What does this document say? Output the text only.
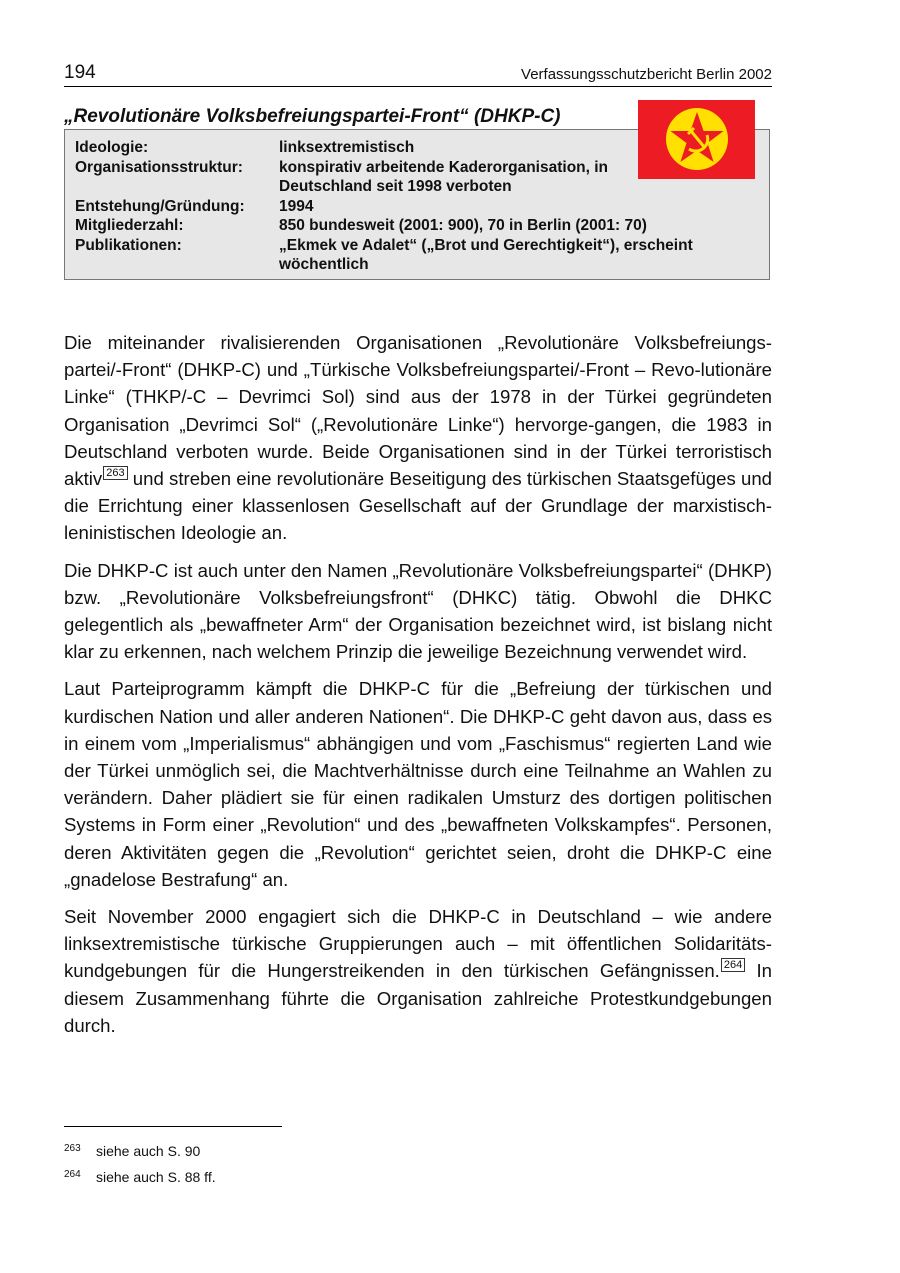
194	Verfassungsschutzbericht Berlin 2002
„Revolutionäre Volksbefreiungspartei-Front“ (DHKP-C)
Ideologie:	linksextremistisch
Organisationsstruktur:	konspirativ arbeitende Kaderorganisation, in Deutschland seit 1998 verboten
Entstehung/Gründung:	1994
Mitgliederzahl:	850 bundesweit (2001: 900), 70 in Berlin (2001: 70)
Publikationen:	„Ekmek ve Adalet“ („Brot und Gerechtigkeit“), erscheint wöchentlich

Die miteinander rivalisierenden Organisationen „Revolutionäre Volksbefreiungs-partei/-Front“ (DHKP-C) und „Türkische Volksbefreiungspartei/-Front – Revo-lutionäre Linke“ (THKP/-C – Devrimci Sol) sind aus der 1978 in der Türkei gegründeten Organisation „Devrimci Sol“ („Revolutionäre Linke“) hervorge-gangen, die 1983 in Deutschland verboten wurde. Beide Organisationen sind in der Türkei terroristisch aktiv 263 und streben eine revolutionäre Beseitigung des türkischen Staatsgefüges und die Errichtung einer klassenlosen Gesellschaft auf der Grundlage der marxistisch-leninistischen Ideologie an.

Die DHKP-C ist auch unter den Namen „Revolutionäre Volksbefreiungspartei“ (DHKP) bzw. „Revolutionäre Volksbefreiungsfront“ (DHKC) tätig. Obwohl die DHKC gelegentlich als „bewaffneter Arm“ der Organisation bezeichnet wird, ist bislang nicht klar zu erkennen, nach welchem Prinzip die jeweilige Bezeichnung verwendet wird.

Laut Parteiprogramm kämpft die DHKP-C für die „Befreiung der türkischen und kurdischen Nation und aller anderen Nationen“. Die DHKP-C geht davon aus, dass es in einem vom „Imperialismus“ abhängigen und vom „Faschismus“ regierten Land wie der Türkei unmöglich sei, die Machtverhältnisse durch eine Teilnahme an Wahlen zu verändern. Daher plädiert sie für einen radikalen Umsturz des dortigen politischen Systems in Form einer „Revolution“ und des „bewaffneten Volkskampfes“. Personen, deren Aktivitäten gegen die „Revolution“ gerichtet seien, droht die DHKP-C eine „gnadelose Bestrafung“ an.

Seit November 2000 engagiert sich die DHKP-C in Deutschland – wie andere linksextremistische türkische Gruppierungen auch – mit öffentlichen Solidaritäts-kundgebungen für die Hungerstreikenden in den türkischen Gefängnissen. 264 In diesem Zusammenhang führte die Organisation zahlreiche Protestkundgebungen durch.

$^{263}$ siehe auch S. 90
$^{264}$ siehe auch S. 88 ff.
